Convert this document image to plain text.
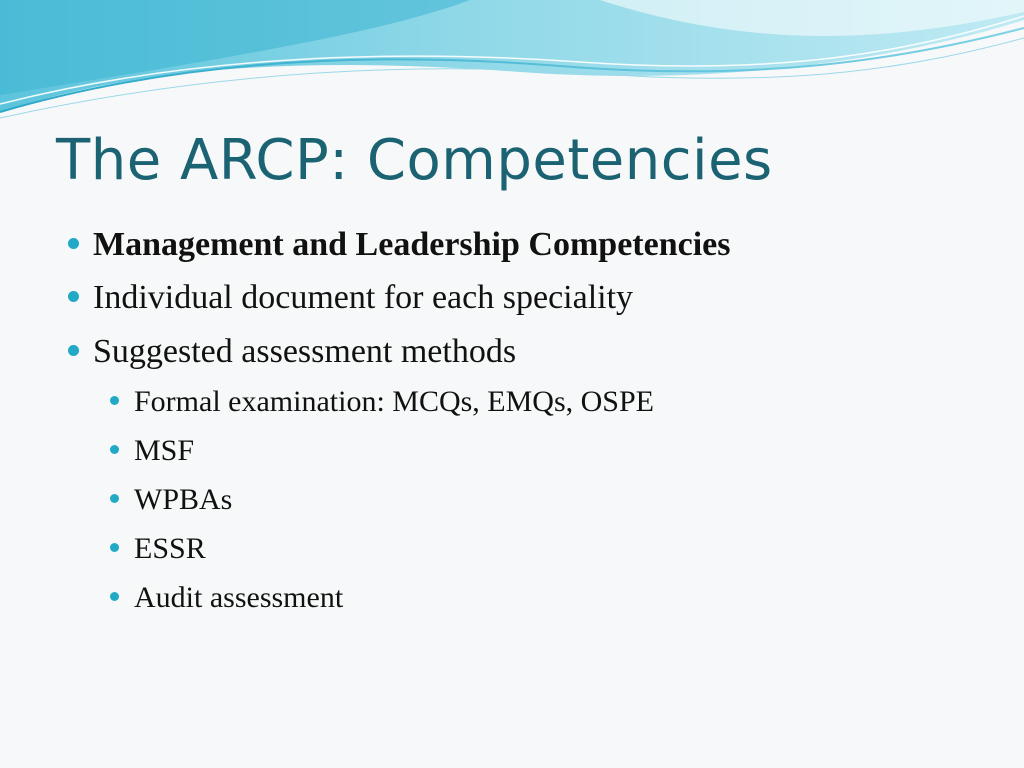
The ARCP: Competencies
Management and Leadership Competencies
Individual document for each speciality
Suggested assessment methods
Formal examination: MCQs, EMQs, OSPE
MSF
WPBAs
ESSR
Audit assessment
